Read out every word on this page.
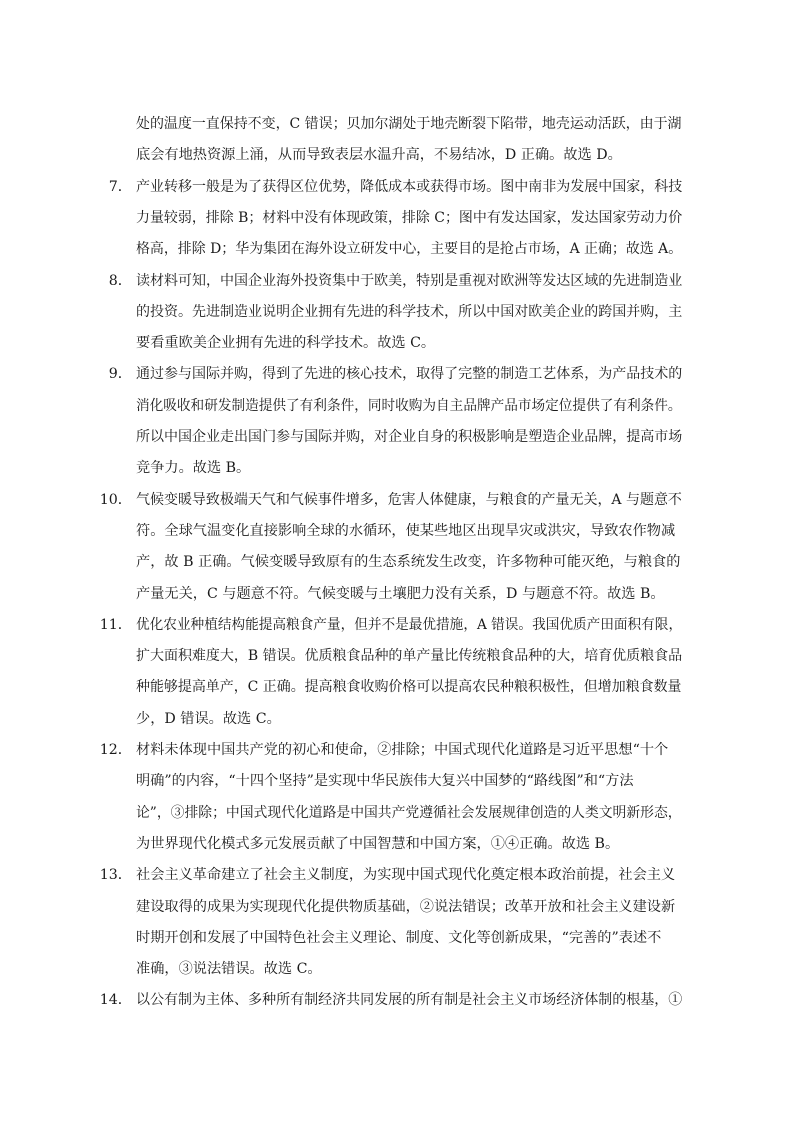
处的温度一直保持不变，C 错误；贝加尔湖处于地壳断裂下陷带，地壳运动活跃，由于湖
底会有地热资源上涌，从而导致表层水温升高，不易结冰，D 正确。故选 D。
7． 产业转移一般是为了获得区位优势，降低成本或获得市场。图中南非为发展中国家，科技
力量较弱，排除 B；材料中没有体现政策，排除 C；图中有发达国家，发达国家劳动力价
格高，排除 D；华为集团在海外设立研发中心，主要目的是抢占市场，A 正确；故选 A。
8． 读材料可知，中国企业海外投资集中于欧美，特别是重视对欧洲等发达区域的先进制造业
的投资。先进制造业说明企业拥有先进的科学技术，所以中国对欧美企业的跨国并购，主
要看重欧美企业拥有先进的科学技术。故选 C。
9． 通过参与国际并购，得到了先进的核心技术，取得了完整的制造工艺体系，为产品技术的
消化吸收和研发制造提供了有利条件，同时收购为自主品牌产品市场定位提供了有利条件。
所以中国企业走出国门参与国际并购，对企业自身的积极影响是塑造企业品牌，提高市场
竞争力。故选 B。
10． 气候变暖导致极端天气和气候事件增多，危害人体健康，与粮食的产量无关，A 与题意不
符。全球气温变化直接影响全球的水循环，使某些地区出现旱灾或洪灾，导致农作物减
产，故 B 正确。气候变暖导致原有的生态系统发生改变，许多物种可能灭绝，与粮食的
产量无关，C 与题意不符。气候变暖与土壤肥力没有关系，D 与题意不符。故选 B。
11． 优化农业种植结构能提高粮食产量，但并不是最优措施，A 错误。我国优质产田面积有限，
扩大面积难度大，B 错误。优质粮食品种的单产量比传统粮食品种的大，培育优质粮食品
种能够提高单产，C 正确。提高粮食收购价格可以提高农民种粮积极性，但增加粮食数量
少，D 错误。故选 C。
12． 材料未体现中国共产党的初心和使命，②排除；中国式现代化道路是习近平思想“十个
明确”的内容，“十四个坚持”是实现中华民族伟大复兴中国梦的“路线图”和“方法
论”，③排除；中国式现代化道路是中国共产党遵循社会发展规律创造的人类文明新形态，
为世界现代化模式多元发展贡献了中国智慧和中国方案，①④正确。故选 B。
13． 社会主义革命建立了社会主义制度，为实现中国式现代化奠定根本政治前提，社会主义
建设取得的成果为实现现代化提供物质基础，②说法错误；改革开放和社会主义建设新
时期开创和发展了中国特色社会主义理论、制度、文化等创新成果，“完善的”表述不
准确，③说法错误。故选 C。
14． 以公有制为主体、多种所有制经济共同发展的所有制是社会主义市场经济体制的根基，①
